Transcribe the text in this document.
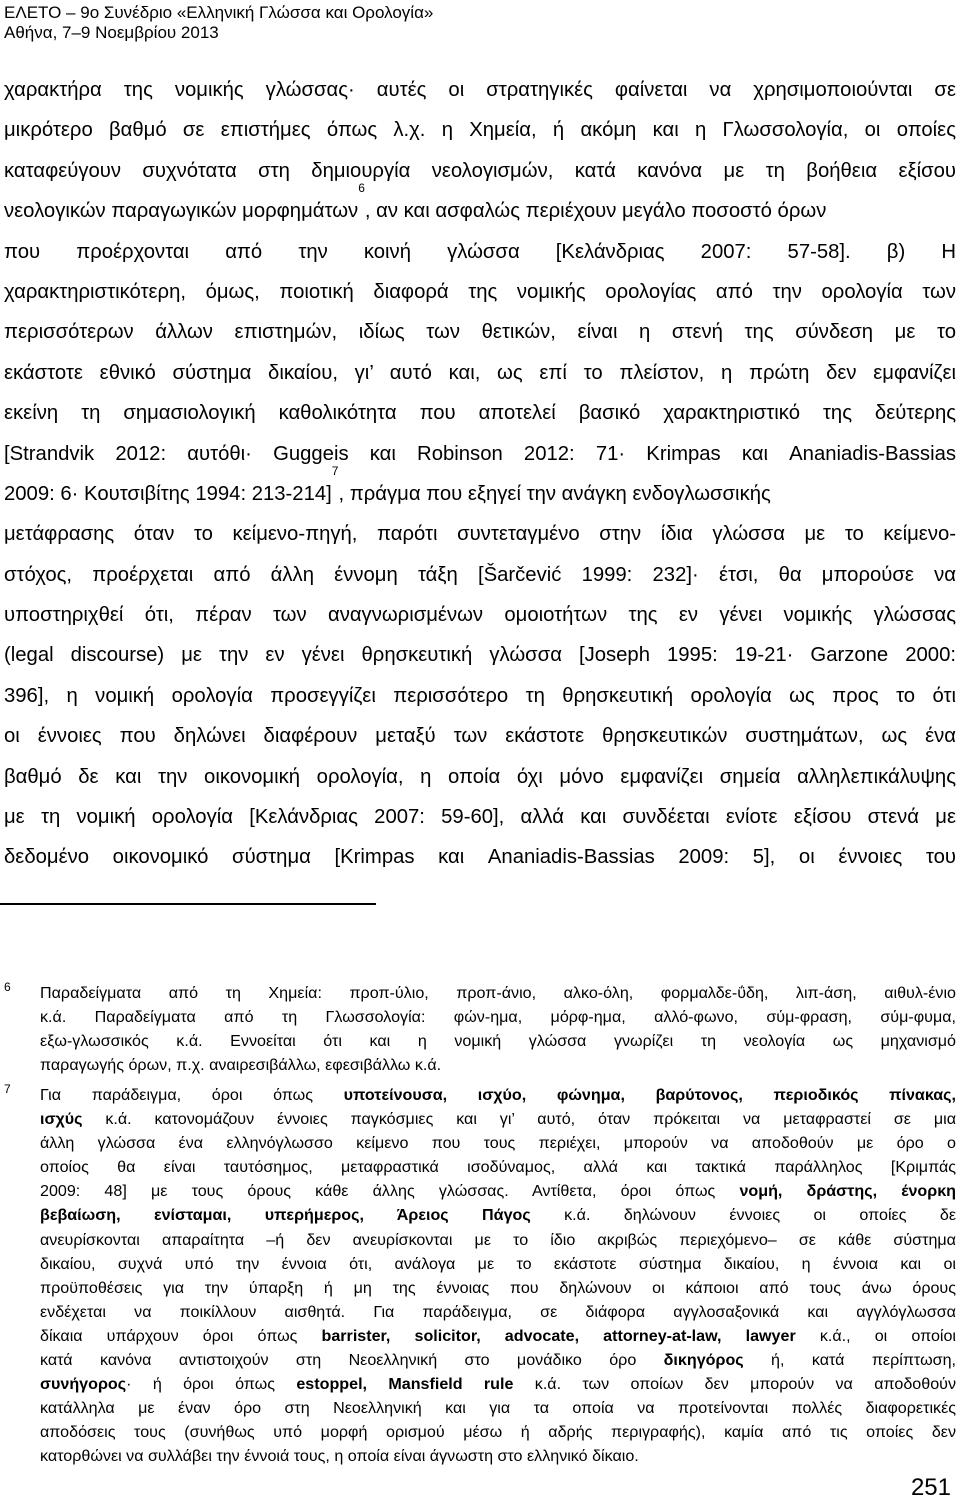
ΕΛΕΤΟ – 9ο Συνέδριο «Ελληνική Γλώσσα και Ορολογία»
Αθήνα, 7–9 Νοεμβρίου 2013
χαρακτήρα της νομικής γλώσσας· αυτές οι στρατηγικές φαίνεται να χρησιμοποιούνται σε
μικρότερο βαθμό σε επιστήμες όπως λ.χ. η Χημεία, ή ακόμη και η Γλωσσολογία, οι οποίες
καταφεύγουν συχνότατα στη δημιουργία νεολογισμών, κατά κανόνα με τη βοήθεια εξίσου
νεολογικών παραγωγικών μορφημάτων$^6$, αν και ασφαλώς περιέχουν μεγάλο ποσοστό όρων
που προέρχονται από την κοινή γλώσσα [Κελάνδριας 2007: 57-58]. β) Η
χαρακτηριστικότερη, όμως, ποιοτική διαφορά της νομικής ορολογίας από την ορολογία των
περισσότερων άλλων επιστημών, ιδίως των θετικών, είναι η στενή της σύνδεση με το
εκάστοτε εθνικό σύστημα δικαίου, γι’ αυτό και, ως επί το πλείστον, η πρώτη δεν εμφανίζει
εκείνη τη σημασιολογική καθολικότητα που αποτελεί βασικό χαρακτηριστικό της δεύτερης
[Strandvik 2012: αυτόθι· Guggeis και Robinson 2012: 71· Krimpas και Ananiadis-Bassias
2009: 6· Κουτσιβίτης 1994: 213-214]$^7$, πράγμα που εξηγεί την ανάγκη ενδογλωσσικής
μετάφρασης όταν το κείμενο-πηγή, παρότι συντεταγμένο στην ίδια γλώσσα με το κείμενο-
στόχος, προέρχεται από άλλη έννομη τάξη [Šarčević 1999: 232]· έτσι, θα μπορούσε να
υποστηριχθεί ότι, πέραν των αναγνωρισμένων ομοιοτήτων της εν γένει νομικής γλώσσας
(legal discourse) με την εν γένει θρησκευτική γλώσσα [Joseph 1995: 19-21· Garzone 2000:
396], η νομική ορολογία προσεγγίζει περισσότερο τη θρησκευτική ορολογία ως προς το ότι
οι έννοιες που δηλώνει διαφέρουν μεταξύ των εκάστοτε θρησκευτικών συστημάτων, ως ένα
βαθμό δε και την οικονομική ορολογία, η οποία όχι μόνο εμφανίζει σημεία αλληλεπικάλυψης
με τη νομική ορολογία [Κελάνδριας 2007: 59-60], αλλά και συνδέεται ενίοτε εξίσου στενά με
δεδομένο οικονομικό σύστημα [Krimpas και Ananiadis-Bassias 2009: 5], οι έννοιες του
6 Παραδείγματα από τη Χημεία: προπ-ύλιο, προπ-άνιο, αλκο-όλη, φορμαλδε-ΰδη, λιπ-άση, αιθυλ-ένιο
κ.ά. Παραδείγματα από τη Γλωσσολογία: φών-ημα, μόρφ-ημα, αλλό-φωνο, σύμ-φραση, σύμ-φυμα,
εξω-γλωσσικός κ.ά. Εννοείται ότι και η νομική γλώσσα γνωρίζει τη νεολογία ως μηχανισμό
παραγωγής όρων, π.χ. αναιρεσιβάλλω, εφεσιβάλλω κ.ά.
7 Για παράδειγμα, όροι όπως υποτείνουσα, ισχύο, φώνημα, βαρύτονος, περιοδικός πίνακας,
ισχύς κ.ά. κατονομάζουν έννοιες παγκόσμιες και γι’ αυτό, όταν πρόκειται να μεταφραστεί σε μια
άλλη γλώσσα ένα ελληνόγλωσσο κείμενο που τους περιέχει, μπορούν να αποδοθούν με όρο ο
οποίος θα είναι ταυτόσημος, μεταφραστικά ισοδύναμος, αλλά και τακτικά παράλληλος [Κριμπάς
2009: 48] με τους όρους κάθε άλλης γλώσσας. Αντίθετα, όροι όπως νομή, δράστης, ένορκη
βεβαίωση, ενίσταμαι, υπερήμερος, Άρειος Πάγος κ.ά. δηλώνουν έννοιες οι οποίες δε
ανευρίσκονται απαραίτητα –ή δεν ανευρίσκονται με το ίδιο ακριβώς περιεχόμενο– σε κάθε σύστημα
δικαίου, συχνά υπό την έννοια ότι, ανάλογα με το εκάστοτε σύστημα δικαίου, η έννοια και οι
προϋποθέσεις για την ύπαρξη ή μη της έννοιας που δηλώνουν οι κάποιοι από τους άνω όρους
ενδέχεται να ποικίλλουν αισθητά. Για παράδειγμα, σε διάφορα αγγλοσαξονικά και αγγλόγλωσσα
δίκαια υπάρχουν όροι όπως barrister, solicitor, advocate, attorney-at-law, lawyer κ.ά., οι οποίοι
κατά κανόνα αντιστοιχούν στη Νεοελληνική στο μονάδικο όρο δικηγόρος ή, κατά περίπτωση,
συνήγορος· ή όροι όπως estoppel, Mansfield rule κ.ά. των οποίων δεν μπορούν να αποδοθούν
κατάλληλα με έναν όρο στη Νεοελληνική και για τα οποία να προτείνονται πολλές διαφορετικές
αποδόσεις τους (συνήθως υπό μορφή ορισμού μέσω ή αδρής περιγραφής), καμία από τις οποίες δεν
κατορθώνει να συλλάβει την έννοιά τους, η οποία είναι άγνωστη στο ελληνικό δίκαιο.
251
